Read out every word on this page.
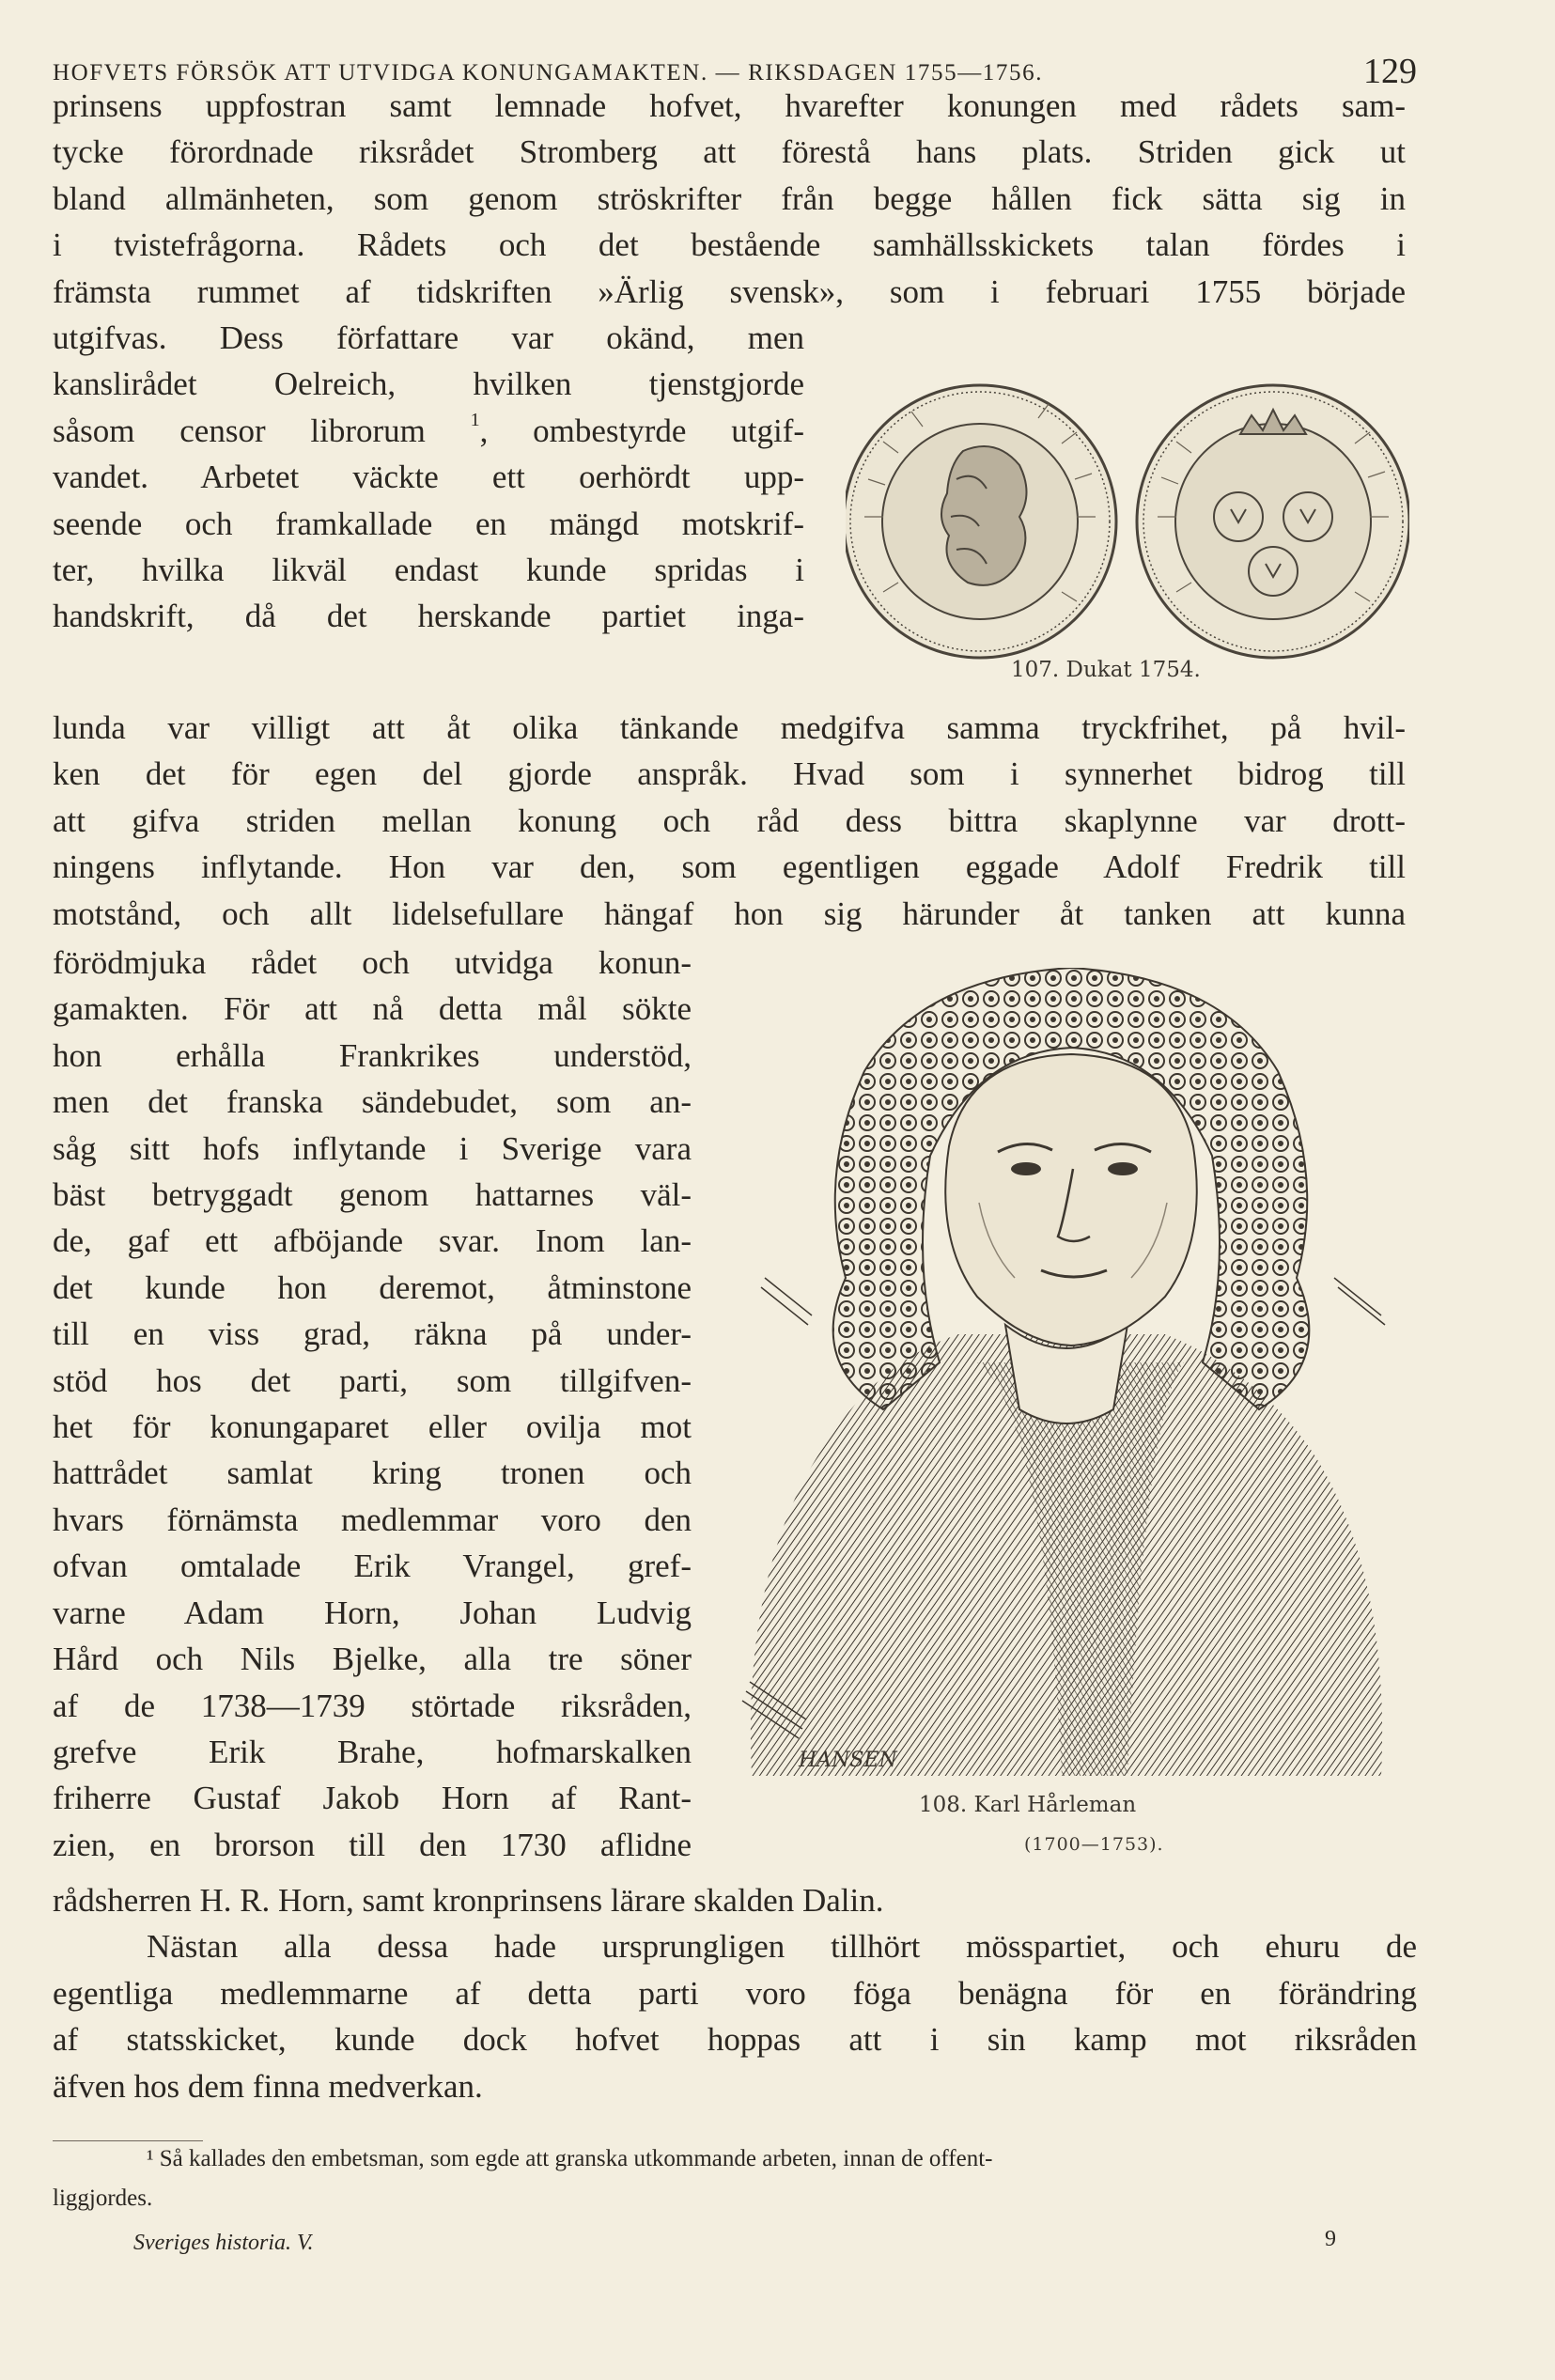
HOFVETS FÖRSÖK ATT UTVIDGA KONUNGAMAKTEN. — RIKSDAGEN 1755—1756.	129
prinsens uppfostran samt lemnade hofvet, hvarefter konungen med rådets sam-
tycke förordnade riksrådet Stromberg att förestå hans plats. Striden gick ut
bland allmänheten, som genom ströskrifter från begge hållen fick sätta sig in
i tvistefrågorna. Rådets och det bestående samhällsskickets talan fördes i
främsta rummet af tidskriften »Ärlig svensk», som i februari 1755 började
utgifvas. Dess författare var okänd, men
kanslirådet Oelreich, hvilken tjenstgjorde
såsom censor librorum $^1$, ombestyrde utgif-
vandet. Arbetet väckte ett oerhördt upp-
seende och framkallade en mängd motskrif-
ter, hvilka likväl endast kunde spridas i
handskrift, då det herskande partiet inga-
107. Dukat 1754.
lunda var villigt att åt olika tänkande medgifva samma tryckfrihet, på hvil-
ken det för egen del gjorde anspråk. Hvad som i synnerhet bidrog till
att gifva striden mellan konung och råd dess bittra skaplynne var drott-
ningens inflytande. Hon var den, som egentligen eggade Adolf Fredrik till
motstånd, och allt lidelsefullare hängaf hon sig härunder åt tanken att kunna
förödmjuka rådet och utvidga konun-
gamakten. För att nå detta mål sökte
hon erhålla Frankrikes understöd,
men det franska sändebudet, som an-
såg sitt hofs inflytande i Sverige vara
bäst betryggadt genom hattarnes väl-
de, gaf ett afböjande svar. Inom lan-
det kunde hon deremot, åtminstone
till en viss grad, räkna på under-
stöd hos det parti, som tillgifven-
het för konungaparet eller ovilja mot
hattrådet samlat kring tronen och
hvars förnämsta medlemmar voro den
ofvan omtalade Erik Vrangel, gref-
varne Adam Horn, Johan Ludvig
Hård och Nils Bjelke, alla tre söner
af de 1738—1739 störtade riksråden,
grefve Erik Brahe, hofmarskalken
friherre Gustaf Jakob Horn af Rant-
zien, en brorson till den 1730 aflidne
HANSEN
108. Karl Hårleman
(1700—1753).
rådsherren H. R. Horn, samt kronprinsens lärare skalden Dalin.
Nästan alla dessa hade ursprungligen tillhört mösspartiet, och ehuru de
egentliga medlemmarne af detta parti voro föga benägna för en förändring
af statsskicket, kunde dock hofvet hoppas att i sin kamp mot riksråden
äfven hos dem finna medverkan.
¹ Så kallades den embetsman, som egde att granska utkommande arbeten, innan de offent-
liggjordes.
Sveriges historia. V.	9
